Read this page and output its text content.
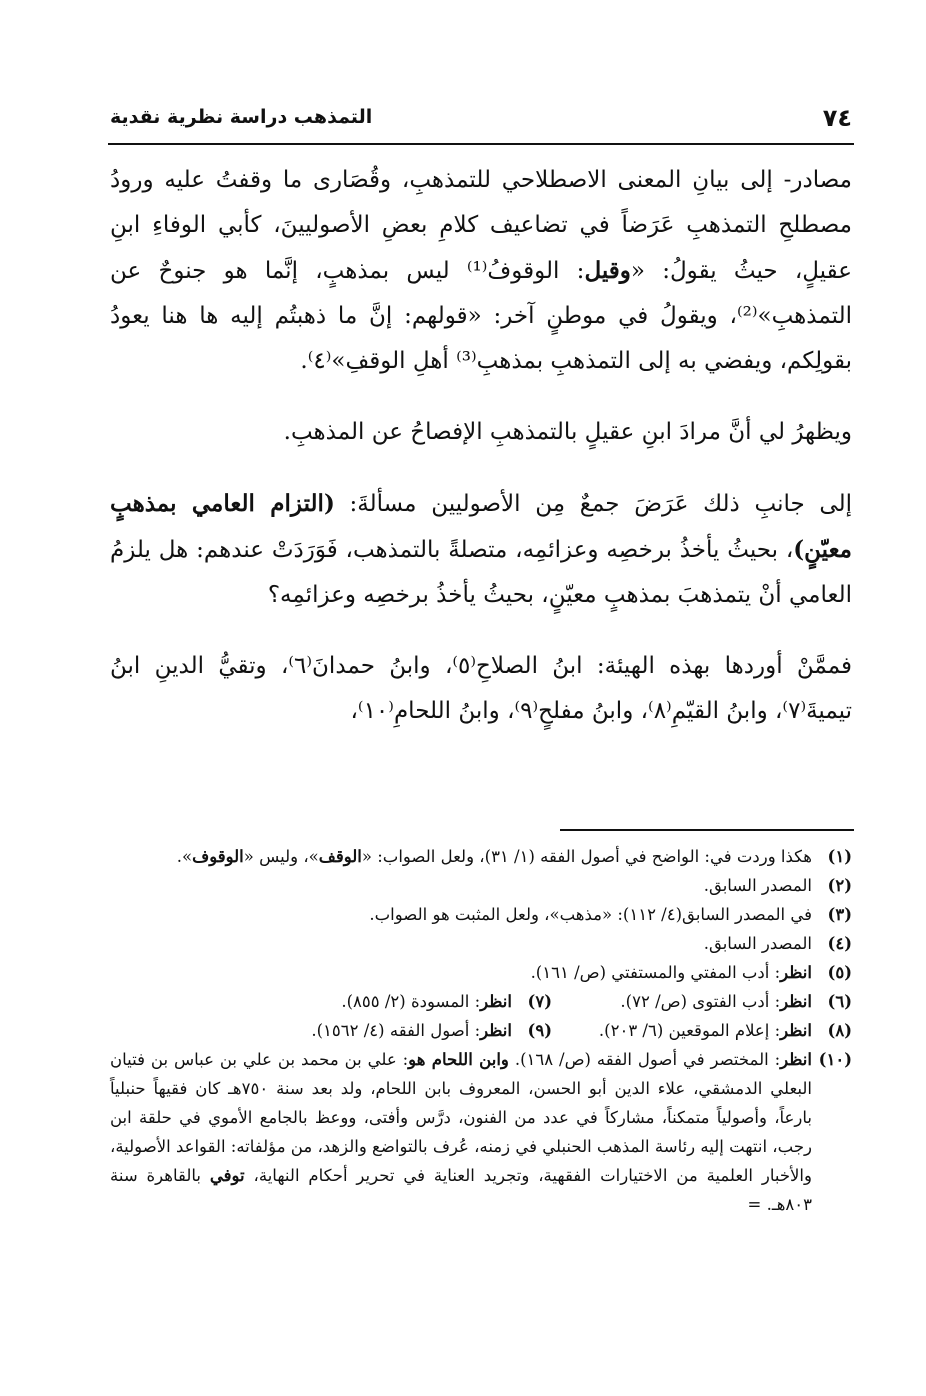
٧٤
التمذهب دراسة نظرية نقدية

مصادر- إلى بيانِ المعنى الاصطلاحي للتمذهبِ، وقُصَارى ما وقفتُ عليه ورودُ مصطلحِ التمذهبِ عَرَضاً في تضاعيف كلامِ بعضِ الأصوليينَ، كأبي الوفاءِ ابنِ عقيلٍ، حيثُ يقولُ: «وقيل: الوقوفُ⁽¹⁾ ليس بمذهبٍ، إنَّما هو جنوحٌ عن التمذهبِ»⁽²⁾، ويقولُ في موطنٍ آخر: «قولهم: إنَّ ما ذهبتُم إليه ها هنا يعودُ بقولِكم، ويفضي به إلى التمذهبِ بمذهبِ⁽³⁾ أهلِ الوقفِ»⁽٤⁾.

ويظهرُ لي أنَّ مرادَ ابنِ عقيلٍ بالتمذهبِ الإفصاحُ عن المذهبِ.

إلى جانبِ ذلك عَرَضَ جمعٌ مِن الأصوليين مسألةَ: (التزام العامي بمذهبٍ معيّنٍ)، بحيثُ يأخذُ برخصِه وعزائمِه، متصلةً بالتمذهب، فَوَرَدَتْ عندهم: هل يلزمُ العامي أنْ يتمذهبَ بمذهبٍ معيّنٍ، بحيثُ يأخذُ برخصِه وعزائمِه؟

فممَّنْ أوردها بهذه الهيئة: ابنُ الصلاحِ⁽٥⁾، وابنُ حمدانَ⁽٦⁾، وتقيُّ الدينِ ابنُ تيميةَ⁽٧⁾، وابنُ القيّمِ⁽٨⁾، وابنُ مفلحٍ⁽٩⁾، وابنُ اللحامِ⁽١٠⁾،

(١)
هكذا وردت في: الواضح في أصول الفقه (١/ ٣١)، ولعل الصواب: «الوقف»، وليس «الوقوف».
(٢)
المصدر السابق.
(٣)
في المصدر السابق(٤/ ١١٢): «مذهب»، ولعل المثبت هو الصواب.
(٤)
المصدر السابق.
(٥)
انظر: أدب المفتي والمستفتي (ص/ ١٦١).
(٦)
انظر: أدب الفتوى (ص/ ٧٢).
(٧)
انظر: المسودة (٢/ ٨٥٥).
(٨)
انظر: إعلام الموقعين (٦/ ٢٠٣).
(٩)
انظر: أصول الفقه (٤/ ١٥٦٢).
(١٠)
انظر: المختصر في أصول الفقه (ص/ ١٦٨). وابن اللحام هو: علي بن محمد بن علي بن عباس بن فتيان البعلي الدمشقي، علاء الدين أبو الحسن، المعروف بابن اللحام، ولد بعد سنة ٧٥٠هـ كان فقيهاً حنبلياً بارعاً، وأصولياً متمكناً، مشاركاً في عدد من الفنون، درَّس وأفتى، ووعظ بالجامع الأموي في حلقة ابن رجب، انتهت إليه رئاسة المذهب الحنبلي في زمنه، عُرف بالتواضع والزهد، من مؤلفاته: القواعد الأصولية، والأخبار العلمية من الاختيارات الفقهية، وتجريد العناية في تحرير أحكام النهاية، توفي بالقاهرة سنة ٨٠٣هـ. =
